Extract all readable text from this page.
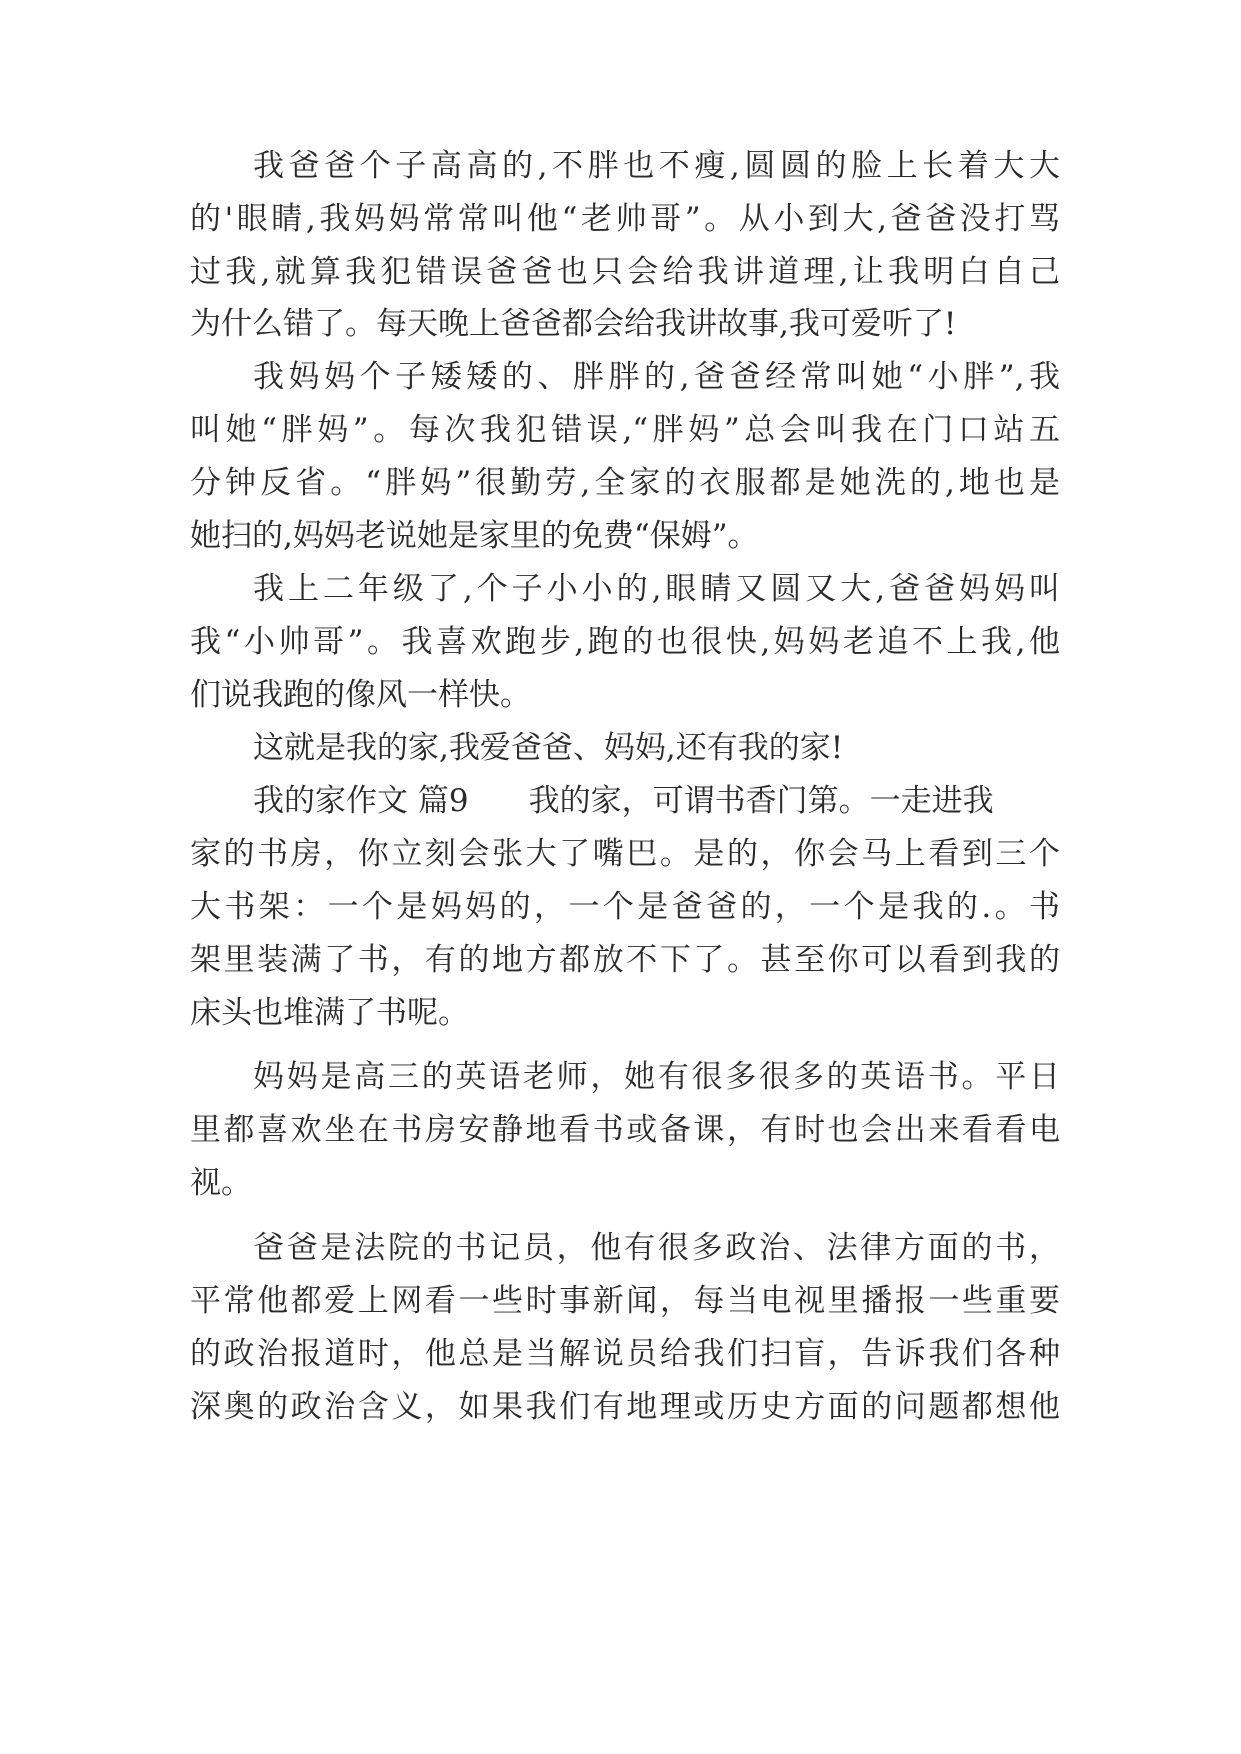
我爸爸个子高高的,不胖也不瘦,圆圆的脸上长着大大
的'眼睛,我妈妈常常叫他“老帅哥”。从小到大,爸爸没打骂
过我,就算我犯错误爸爸也只会给我讲道理,让我明白自己
为什么错了。每天晚上爸爸都会给我讲故事,我可爱听了!
我妈妈个子矮矮的、胖胖的,爸爸经常叫她“小胖”,我
叫她“胖妈”。每次我犯错误,“胖妈”总会叫我在门口站五
分钟反省。“胖妈”很勤劳,全家的衣服都是她洗的,地也是
她扫的,妈妈老说她是家里的免费“保姆”。
我上二年级了,个子小小的,眼睛又圆又大,爸爸妈妈叫
我“小帅哥”。我喜欢跑步,跑的也很快,妈妈老追不上我,他
们说我跑的像风一样快。
这就是我的家,我爱爸爸、妈妈,还有我的家!
我的家作文 篇9 我的家，可谓书香门第。一走进我
家的书房，你立刻会张大了嘴巴。是的，你会马上看到三个
大书架：一个是妈妈的，一个是爸爸的，一个是我的.。书
架里装满了书，有的地方都放不下了。甚至你可以看到我的
床头也堆满了书呢。
妈妈是高三的英语老师，她有很多很多的英语书。平日
里都喜欢坐在书房安静地看书或备课，有时也会出来看看电
视。
爸爸是法院的书记员，他有很多政治、法律方面的书，
平常他都爱上网看一些时事新闻，每当电视里播报一些重要
的政治报道时，他总是当解说员给我们扫盲，告诉我们各种
深奥的政治含义，如果我们有地理或历史方面的问题都想他
